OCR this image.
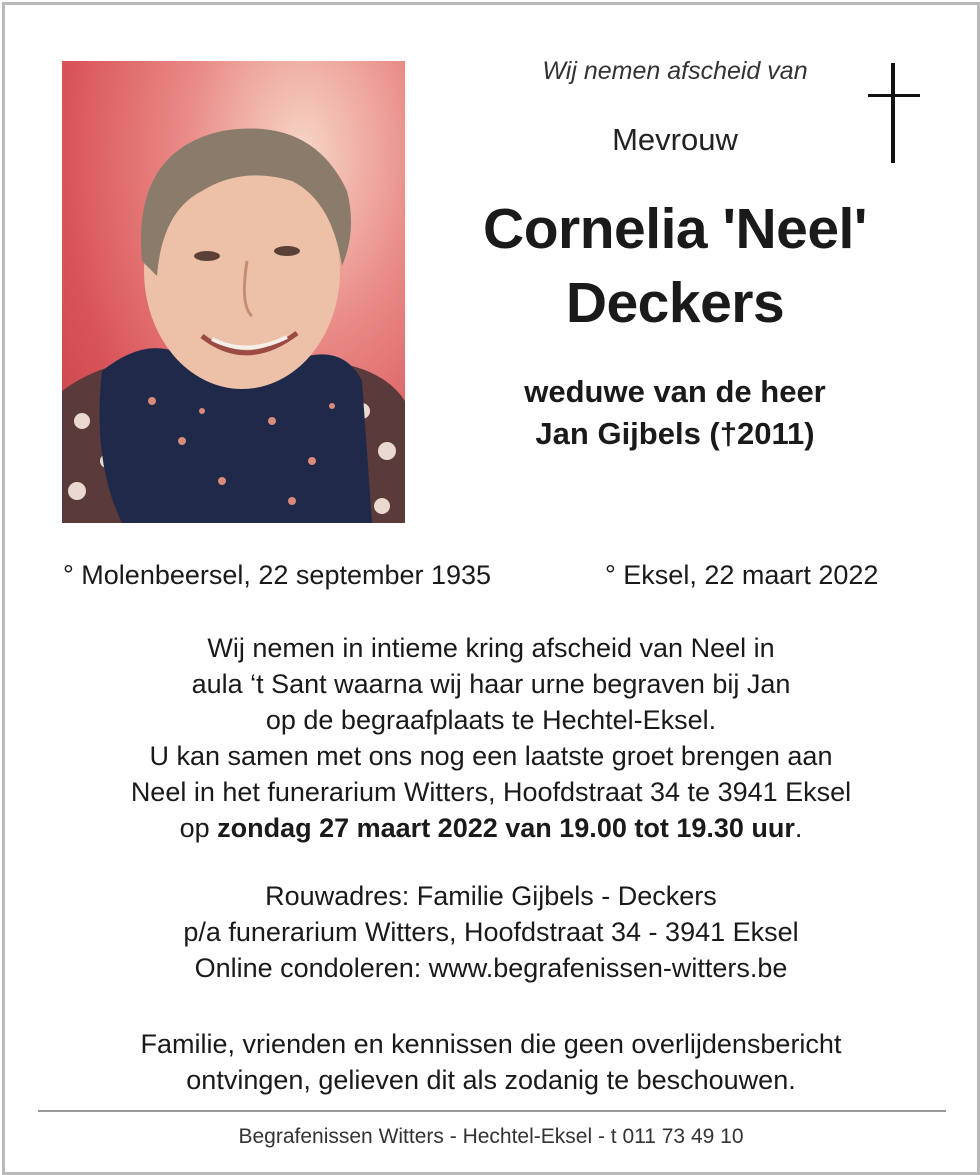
Wij nemen afscheid van
Mevrouw
Cornelia 'Neel'
Deckers
weduwe van de heer
Jan Gijbels (†2011)
° Molenbeersel, 22 september 1935	° Eksel, 22 maart 2022
Wij nemen in intieme kring afscheid van Neel in
aula ‘t Sant waarna wij haar urne begraven bij Jan
op de begraafplaats te Hechtel-Eksel.
U kan samen met ons nog een laatste groet brengen aan
Neel in het funerarium Witters, Hoofdstraat 34 te 3941 Eksel
op zondag 27 maart 2022 van 19.00 tot 19.30 uur.
Rouwadres: Familie Gijbels - Deckers
p/a funerarium Witters, Hoofdstraat 34 - 3941 Eksel
Online condoleren: www.begrafenissen-witters.be
Familie, vrienden en kennissen die geen overlijdensbericht
ontvingen, gelieven dit als zodanig te beschouwen.
Begrafenissen Witters - Hechtel-Eksel - t 011 73 49 10
